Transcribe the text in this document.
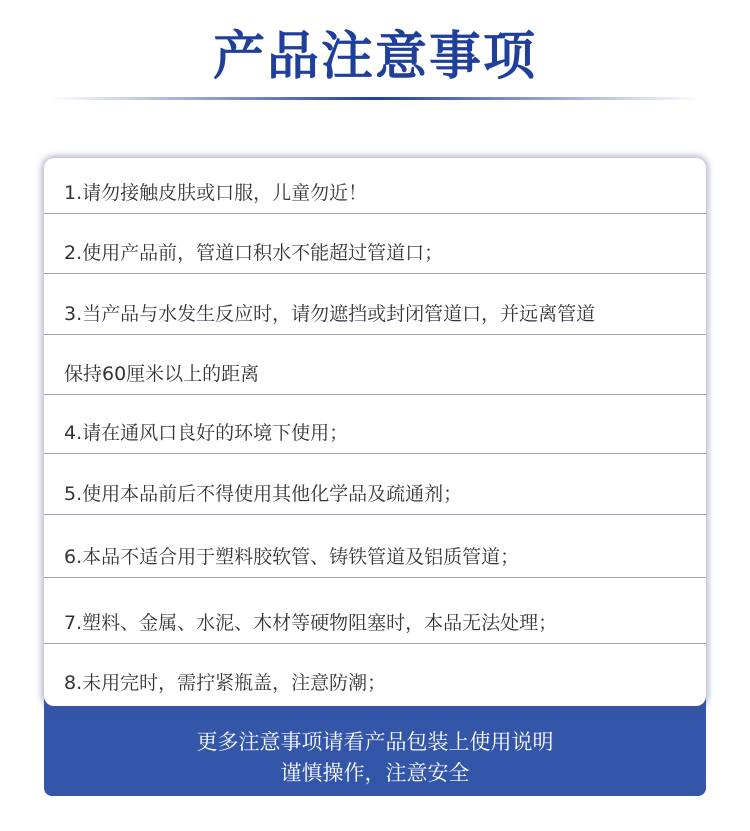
产品注意事项
1.请勿接触皮肤或口服，儿童勿近！
2.使用产品前，管道口积水不能超过管道口；
3.当产品与水发生反应时，请勿遮挡或封闭管道口，并远离管道
保持60厘米以上的距离
4.请在通风口良好的环境下使用；
5.使用本品前后不得使用其他化学品及疏通剂；
6.本品不适合用于塑料胶软管、铸铁管道及铝质管道；
7.塑料、金属、水泥、木材等硬物阻塞时，本品无法处理；
8.未用完时，需拧紧瓶盖，注意防潮；
更多注意事项请看产品包装上使用说明
谨慎操作，注意安全
